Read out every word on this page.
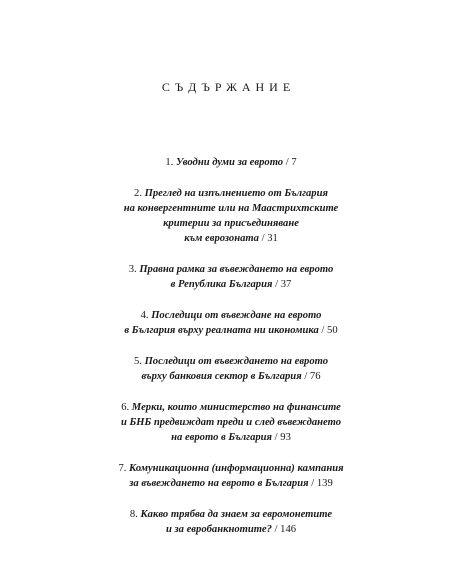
СЪДЪРЖАНИЕ
1. Уводни думи за еврото / 7
2. Преглед на изпълнението от България
на конвергентните или на Маастрихтските
критерии за присъединяване
към еврозоната / 31
3. Правна рамка за въвеждането на еврото
в Република България / 37
4. Последици от въвеждане на еврото
в България върху реалната ни икономика / 50
5. Последици от въвеждането на еврото
върху банковия сектор в България / 76
6. Мерки, които министерство на финансите
и БНБ предвиждат преди и след въвеждането
на еврото в България / 93
7. Комуникационна (информационна) кампания
за въвеждането на еврото в България / 139
8. Какво трябва да знаем за евромонетите
и за евробанкнотите? / 146
